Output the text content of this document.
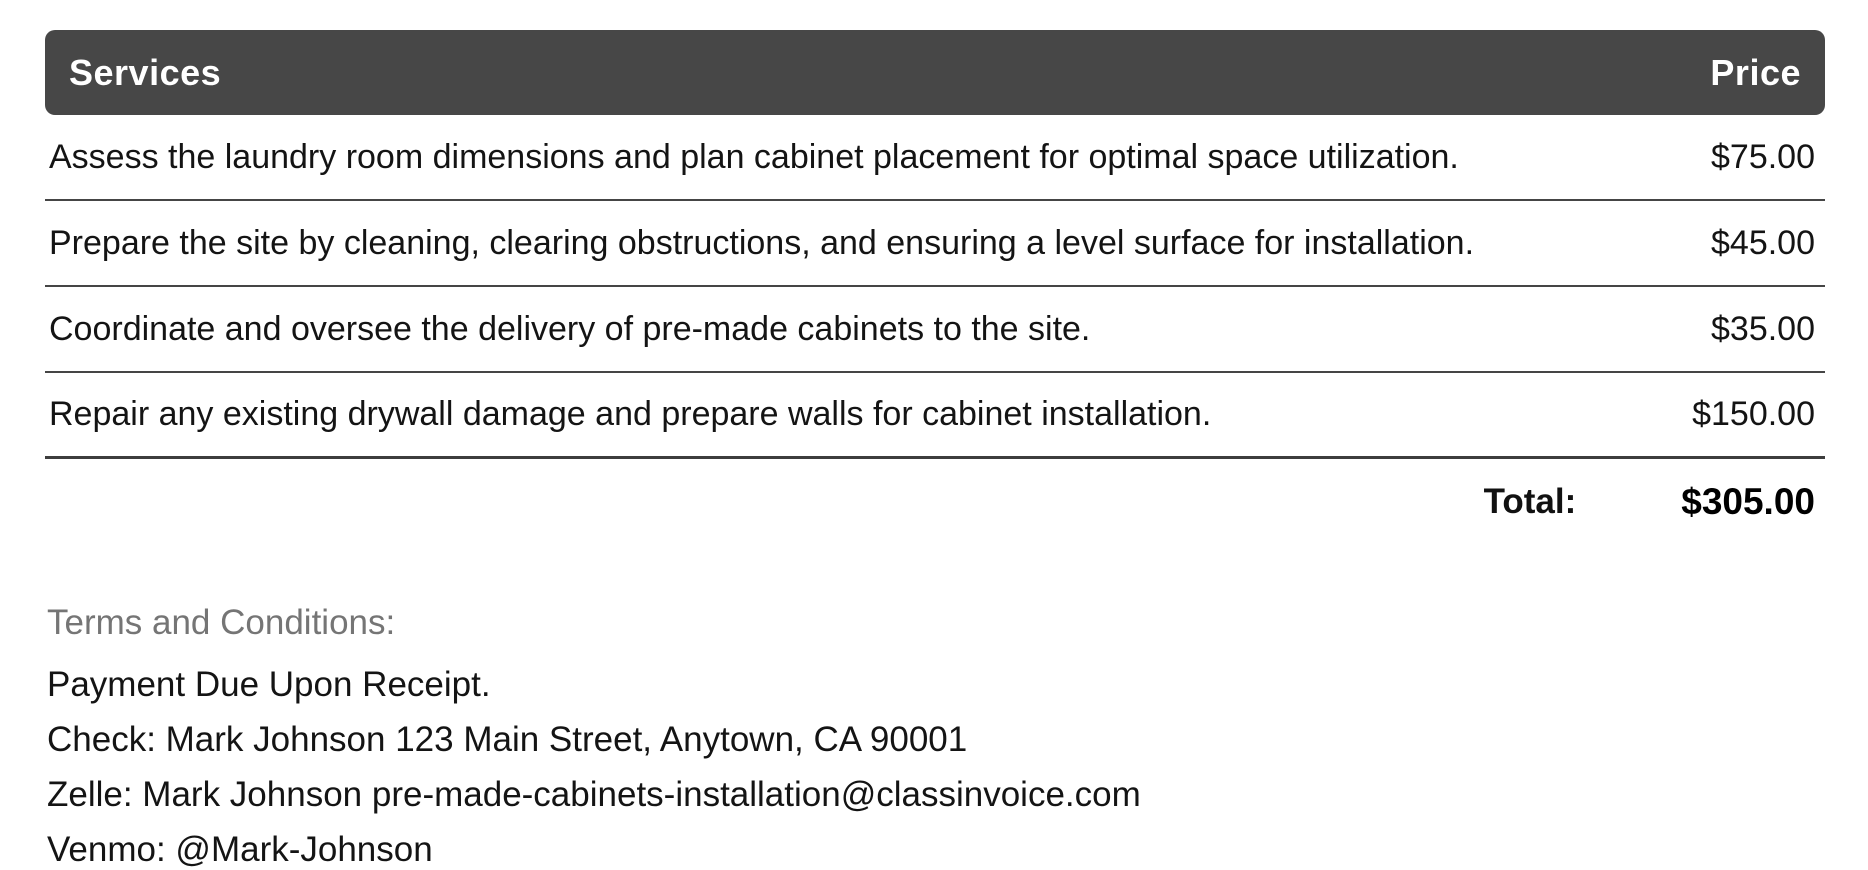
Services	Price
Assess the laundry room dimensions and plan cabinet placement for optimal space utilization.	$75.00
Prepare the site by cleaning, clearing obstructions, and ensuring a level surface for installation.	$45.00
Coordinate and oversee the delivery of pre-made cabinets to the site.	$35.00
Repair any existing drywall damage and prepare walls for cabinet installation.	$150.00
Total:	$305.00
Terms and Conditions:
Payment Due Upon Receipt.
Check: Mark Johnson 123 Main Street, Anytown, CA 90001
Zelle: Mark Johnson pre-made-cabinets-installation@classinvoice.com
Venmo: @Mark-Johnson
